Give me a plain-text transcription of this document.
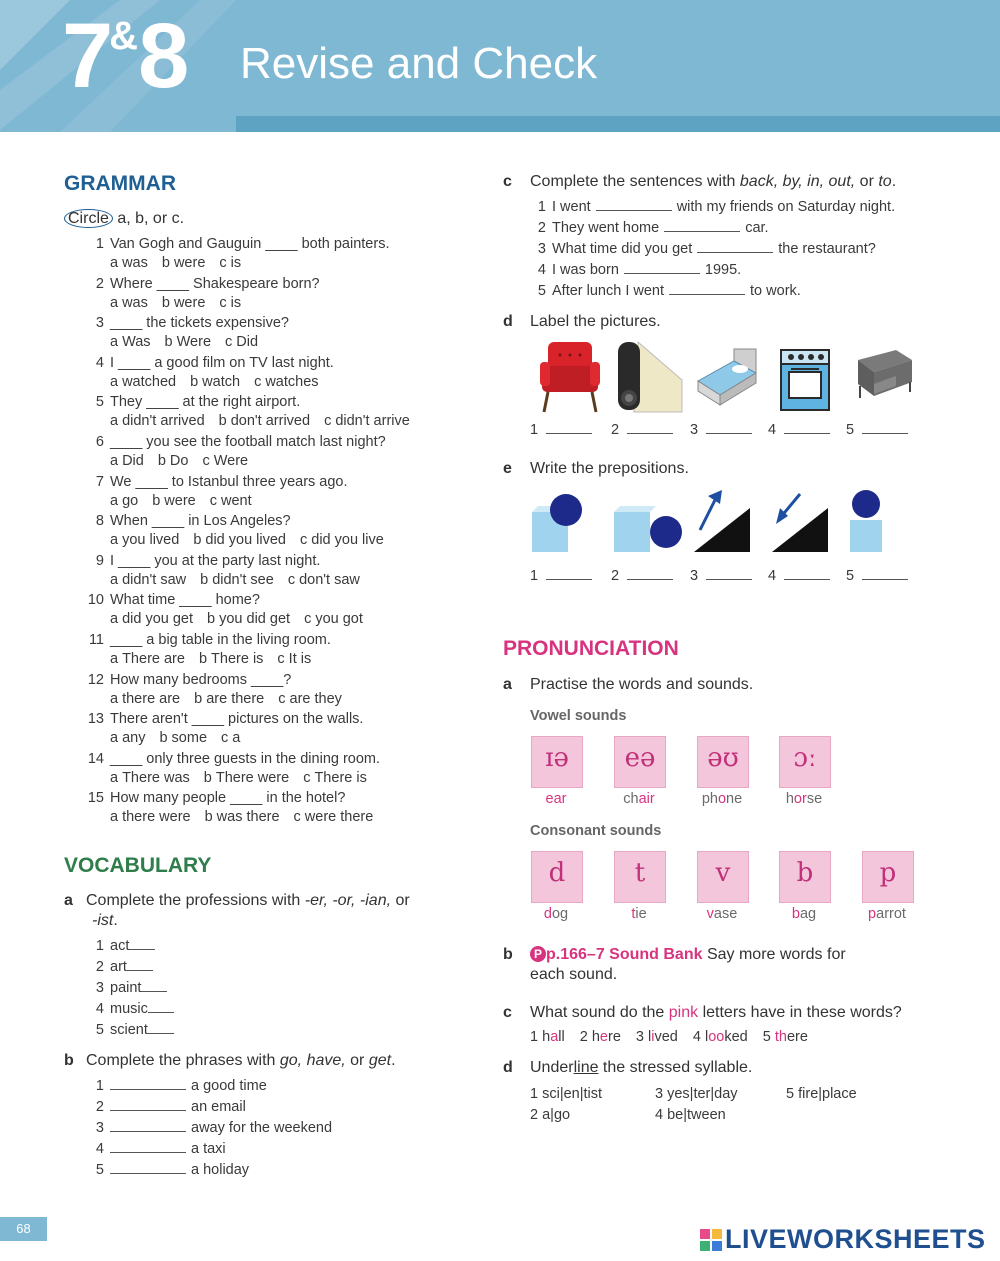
7&8 Revise and Check
GRAMMAR
Circle a, b, or c.
1 Van Gogh and Gauguin ____ both painters.
a was b were c is
2 Where ____ Shakespeare born?
a was b were c is
3 ____ the tickets expensive?
a Was b Were c Did
4 I ____ a good film on TV last night.
a watched b watch c watches
5 They ____ at the right airport.
a didn't arrived b don't arrived c didn't arrive
6 ____ you see the football match last night?
a Did b Do c Were
7 We ____ to Istanbul three years ago.
a go b were c went
8 When ____ in Los Angeles?
a you lived b did you lived c did you live
9 I ____ you at the party last night.
a didn't saw b didn't see c don't saw
10 What time ____ home?
a did you get b you did get c you got
11 ____ a big table in the living room.
a There are b There is c It is
12 How many bedrooms ____?
a there are b are there c are they
13 There aren't ____ pictures on the walls.
a any b some c a
14 ____ only three guests in the dining room.
a There was b There were c There is
15 How many people ____ in the hotel?
a there were b was there c were there
VOCABULARY
a Complete the professions with -er, -or, -ian, or
-ist.
1 act
2 art
3 paint
4 music
5 scient
b Complete the phrases with go, have, or get.
1	a good time
2	an email
3	away for the weekend
4	a taxi
5	a holiday
c Complete the sentences with back, by, in, out, or to.
1 I went	with my friends on Saturday night.
2 They went home	car.
3 What time did you get	the restaurant?
4 I was born	1995.
5 After lunch I went	to work.
d Label the pictures.
1	2	3	4	5
e Write the prepositions.
1	2	3	4	5
PRONUNCIATION
a Practise the words and sounds.
Vowel sounds
ɪə
ear
eə
chair
əʊ
phone
ɔː
horse
Consonant sounds
d
dog
t
tie
v
vase
b
bag
p
parrot
b P p.166–7 Sound Bank Say more words for
each sound.
c What sound do the pink letters have in these words?
1 hall 2 here 3 lived 4 looked 5 there
d Underline the stressed syllable.
1 sci|en|tist	3 yes|ter|day	5 fire|place
2 a|go	4 be|tween
68	LIVEWORKSHEETS
